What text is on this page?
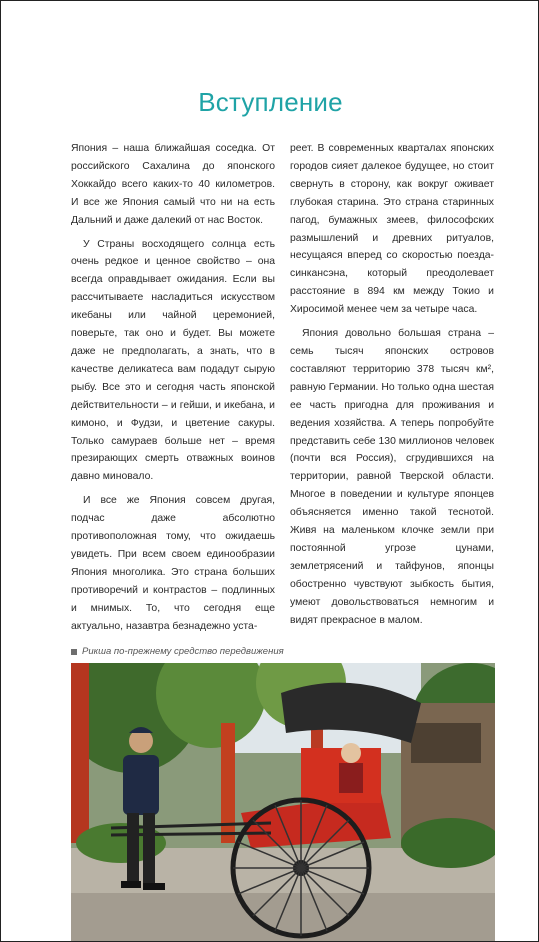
Вступление

Япония – наша ближайшая соседка. От российского Сахалина до японского Хоккайдо всего каких-то 40 километров. И все же Япония самый что ни на есть Дальний и даже далекий от нас Восток.

У Страны восходящего солнца есть очень редкое и ценное свойство – она всегда оправдывает ожидания. Если вы рассчитываете насладиться искусством икебаны или чайной церемонией, поверьте, так оно и будет. Вы можете даже не предполагать, а знать, что в качестве деликатеса вам подадут сырую рыбу. Все это и сегодня часть японской действительности – и гейши, и икебана, и кимоно, и Фудзи, и цветение сакуры. Только самураев больше нет – время презирающих смерть отважных воинов давно миновало.

И все же Япония совсем другая, подчас даже абсолютно противоположная тому, что ожидаешь увидеть. При всем своем единообразии Япония многолика. Это страна больших противоречий и контрастов – подлинных и мнимых. То, что сегодня еще актуально, назавтра безнадежно уста-

реет. В современных кварталах японских городов сияет далекое будущее, но стоит свернуть в сторону, как вокруг оживает глубокая старина. Это страна старинных пагод, бумажных змеев, философских размышлений и древних ритуалов, несущаяся вперед со скоростью поезда-синкансэна, который преодолевает расстояние в 894 км между Токио и Хиросимой менее чем за четыре часа.

Япония довольно большая страна – семь тысяч японских островов составляют территорию 378 тысяч км², равную Германии. Но только одна шестая ее часть пригодна для проживания и ведения хозяйства. А теперь попробуйте представить себе 130 миллионов человек (почти вся Россия), сгрудившихся на территории, равной Тверской области. Многое в поведении и культуре японцев объясняется именно такой теснотой. Живя на маленьком клочке земли при постоянной угрозе цунами, землетрясений и тайфунов, японцы обостренно чувствуют зыбкость бытия, умеют довольствоваться немногим и видят прекрасное в малом.

Рикша по-прежнему средство передвижения
